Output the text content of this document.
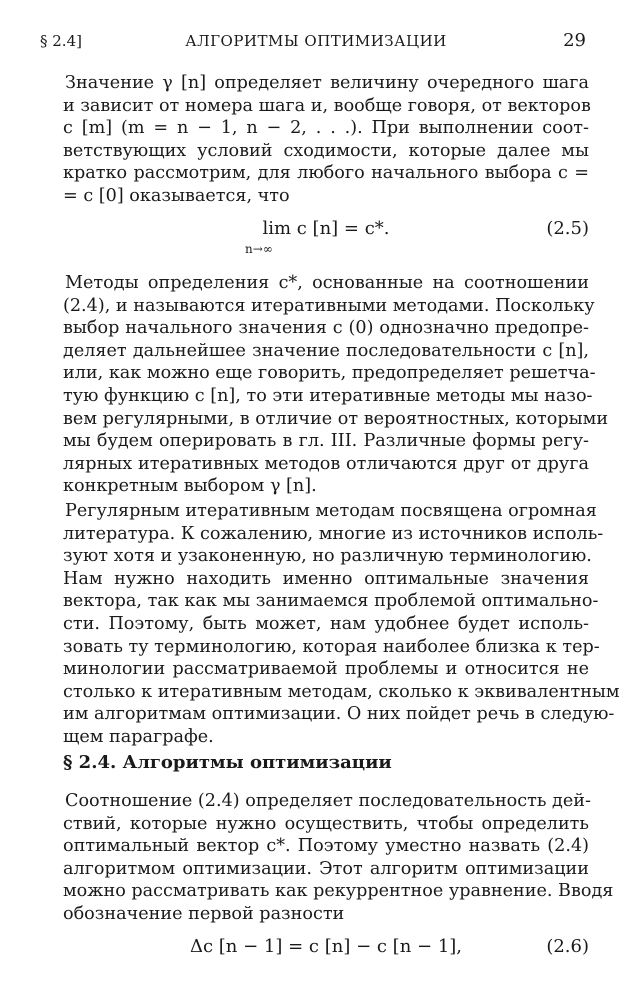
§ 2.4]	АЛГОРИТМЫ ОПТИМИЗАЦИИ	29
Значение γ [n] определяет величину очередного шага
и зависит от номера шага и, вообще говоря, от векторов
c [m] (m = n − 1, n − 2, . . .). При выполнении соот-
ветствующих условий сходимости, которые далее мы
кратко рассмотрим, для любого начального выбора c =
= c [0] оказывается, что
lim c [n] = c*.
n→∞
(2.5)
Методы определения c*, основанные на соотношении
(2.4), и называются итеративными методами. Поскольку
выбор начального значения c (0) однозначно предопре-
деляет дальнейшее значение последовательности c [n],
или, как можно еще говорить, предопределяет решетча-
тую функцию c [n], то эти итеративные методы мы назо-
вем регулярными, в отличие от вероятностных, которыми
мы будем оперировать в гл. III. Различные формы регу-
лярных итеративных методов отличаются друг от друга
конкретным выбором γ [n].
Регулярным итеративным методам посвящена огромная
литература. К сожалению, многие из источников исполь-
зуют хотя и узаконенную, но различную терминологию.
Нам нужно находить именно оптимальные значения
вектора, так как мы занимаемся проблемой оптимально-
сти. Поэтому, быть может, нам удобнее будет исполь-
зовать ту терминологию, которая наиболее близка к тер-
минологии рассматриваемой проблемы и относится не
столько к итеративным методам, сколько к эквивалентным
им алгоритмам оптимизации. О них пойдет речь в следую-
щем параграфе.
§ 2.4. Алгоритмы оптимизации
Соотношение (2.4) определяет последовательность дей-
ствий, которые нужно осуществить, чтобы определить
оптимальный вектор c*. Поэтому уместно назвать (2.4)
алгоритмом оптимизации. Этот алгоритм оптимизации
можно рассматривать как рекуррентное уравнение. Вводя
обозначение первой разности
Δc [n − 1] = c [n] − c [n − 1],	(2.6)
